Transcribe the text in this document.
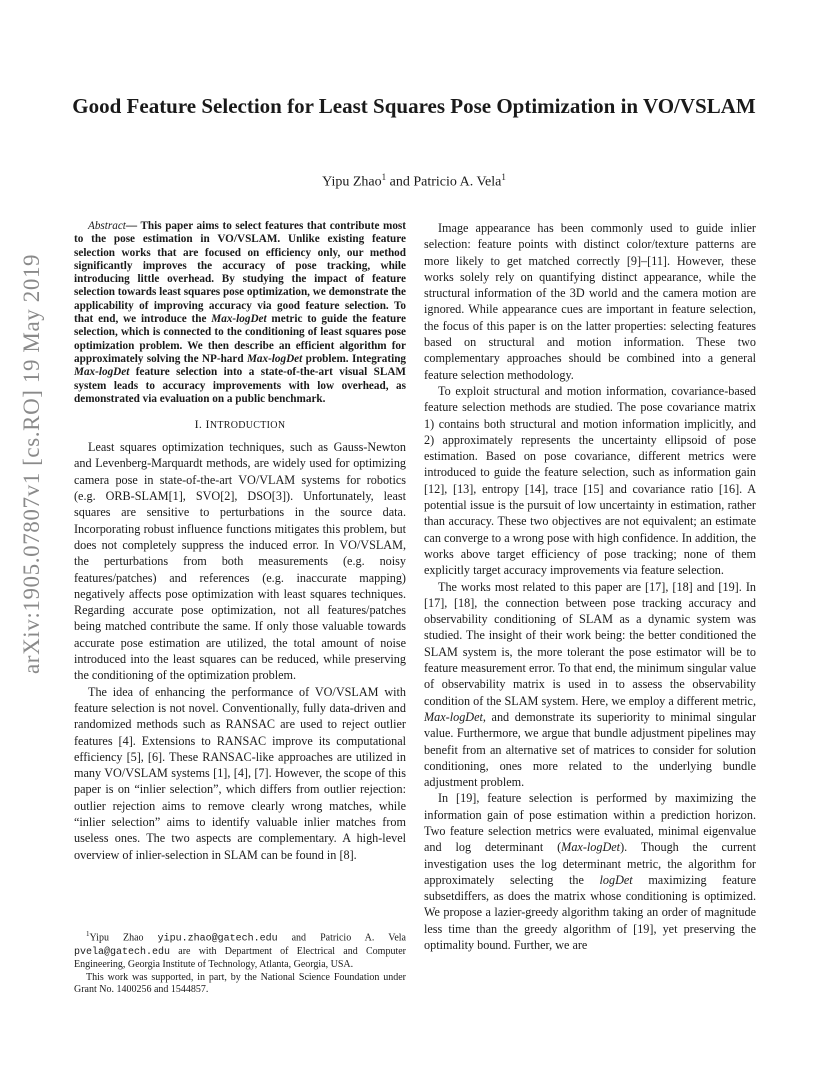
Good Feature Selection for Least Squares Pose Optimization in VO/VSLAM
Yipu Zhao$^1$ and Patricio A. Vela$^1$
arXiv:1905.07807v1 [cs.RO] 19 May 2019

Abstract— This paper aims to select features that contribute most to the pose estimation in VO/VSLAM. Unlike existing feature selection works that are focused on efficiency only, our method significantly improves the accuracy of pose tracking, while introducing little overhead. By studying the impact of feature selection towards least squares pose optimization, we demonstrate the applicability of improving accuracy via good feature selection. To that end, we introduce the Max-logDet metric to guide the feature selection, which is connected to the conditioning of least squares pose optimization problem. We then describe an efficient algorithm for approximately solving the NP-hard Max-logDet problem. Integrating Max-logDet feature selection into a state-of-the-art visual SLAM system leads to accuracy improvements with low overhead, as demonstrated via evaluation on a public benchmark.

I. INTRODUCTION

Least squares optimization techniques, such as Gauss-Newton and Levenberg-Marquardt methods, are widely used for optimizing camera pose in state-of-the-art VO/VLAM systems for robotics (e.g. ORB-SLAM[1], SVO[2], DSO[3]). Unfortunately, least squares are sensitive to perturbations in the source data. Incorporating robust influence functions mitigates this problem, but does not completely suppress the induced error. In VO/VSLAM, the perturbations from both measurements (e.g. noisy features/patches) and references (e.g. inaccurate mapping) negatively affects pose optimization with least squares techniques. Regarding accurate pose optimization, not all features/patches being matched contribute the same. If only those valuable towards accurate pose estimation are utilized, the total amount of noise introduced into the least squares can be reduced, while preserving the conditioning of the optimization problem.

The idea of enhancing the performance of VO/VSLAM with feature selection is not novel. Conventionally, fully data-driven and randomized methods such as RANSAC are used to reject outlier features [4]. Extensions to RANSAC improve its computational efficiency [5], [6]. These RANSAC-like approaches are utilized in many VO/VSLAM systems [1], [4], [7]. However, the scope of this paper is on “inlier selection”, which differs from outlier rejection: outlier rejection aims to remove clearly wrong matches, while “inlier selection” aims to identify valuable inlier matches from useless ones. The two aspects are complementary. A high-level overview of inlier-selection in SLAM can be found in [8].

$^1$Yipu Zhao yipu.zhao@gatech.edu and Patricio A. Vela pvela@gatech.edu are with Department of Electrical and Computer Engineering, Georgia Institute of Technology, Atlanta, Georgia, USA.

This work was supported, in part, by the National Science Foundation under Grant No. 1400256 and 1544857.

Image appearance has been commonly used to guide inlier selection: feature points with distinct color/texture patterns are more likely to get matched correctly [9]–[11]. However, these works solely rely on quantifying distinct appearance, while the structural information of the 3D world and the camera motion are ignored. While appearance cues are important in feature selection, the focus of this paper is on the latter properties: selecting features based on structural and motion information. These two complementary approaches should be combined into a general feature selection methodology.

To exploit structural and motion information, covariance-based feature selection methods are studied. The pose covariance matrix 1) contains both structural and motion information implicitly, and 2) approximately represents the uncertainty ellipsoid of pose estimation. Based on pose covariance, different metrics were introduced to guide the feature selection, such as information gain [12], [13], entropy [14], trace [15] and covariance ratio [16]. A potential issue is the pursuit of low uncertainty in estimation, rather than accuracy. These two objectives are not equivalent; an estimate can converge to a wrong pose with high confidence. In addition, the works above target efficiency of pose tracking; none of them explicitly target accuracy improvements via feature selection.

The works most related to this paper are [17], [18] and [19]. In [17], [18], the connection between pose tracking accuracy and observability conditioning of SLAM as a dynamic system was studied. The insight of their work being: the better conditioned the SLAM system is, the more tolerant the pose estimator will be to feature measurement error. To that end, the minimum singular value of observability matrix is used in to assess the observability condition of the SLAM system. Here, we employ a different metric, Max-logDet, and demonstrate its superiority to minimal singular value. Furthermore, we argue that bundle adjustment pipelines may benefit from an alternative set of matrices to consider for solution conditioning, ones more related to the underlying bundle adjustment problem.

In [19], feature selection is performed by maximizing the information gain of pose estimation within a prediction horizon. Two feature selection metrics were evaluated, minimal eigenvalue and log determinant (Max-logDet). Though the current investigation uses the log determinant metric, the algorithm for approximately selecting the logDet maximizing feature subsetdiffers, as does the matrix whose conditioning is optimized. We propose a lazier-greedy algorithm taking an order of magnitude less time than the greedy algorithm of [19], yet preserving the optimality bound. Further, we are
